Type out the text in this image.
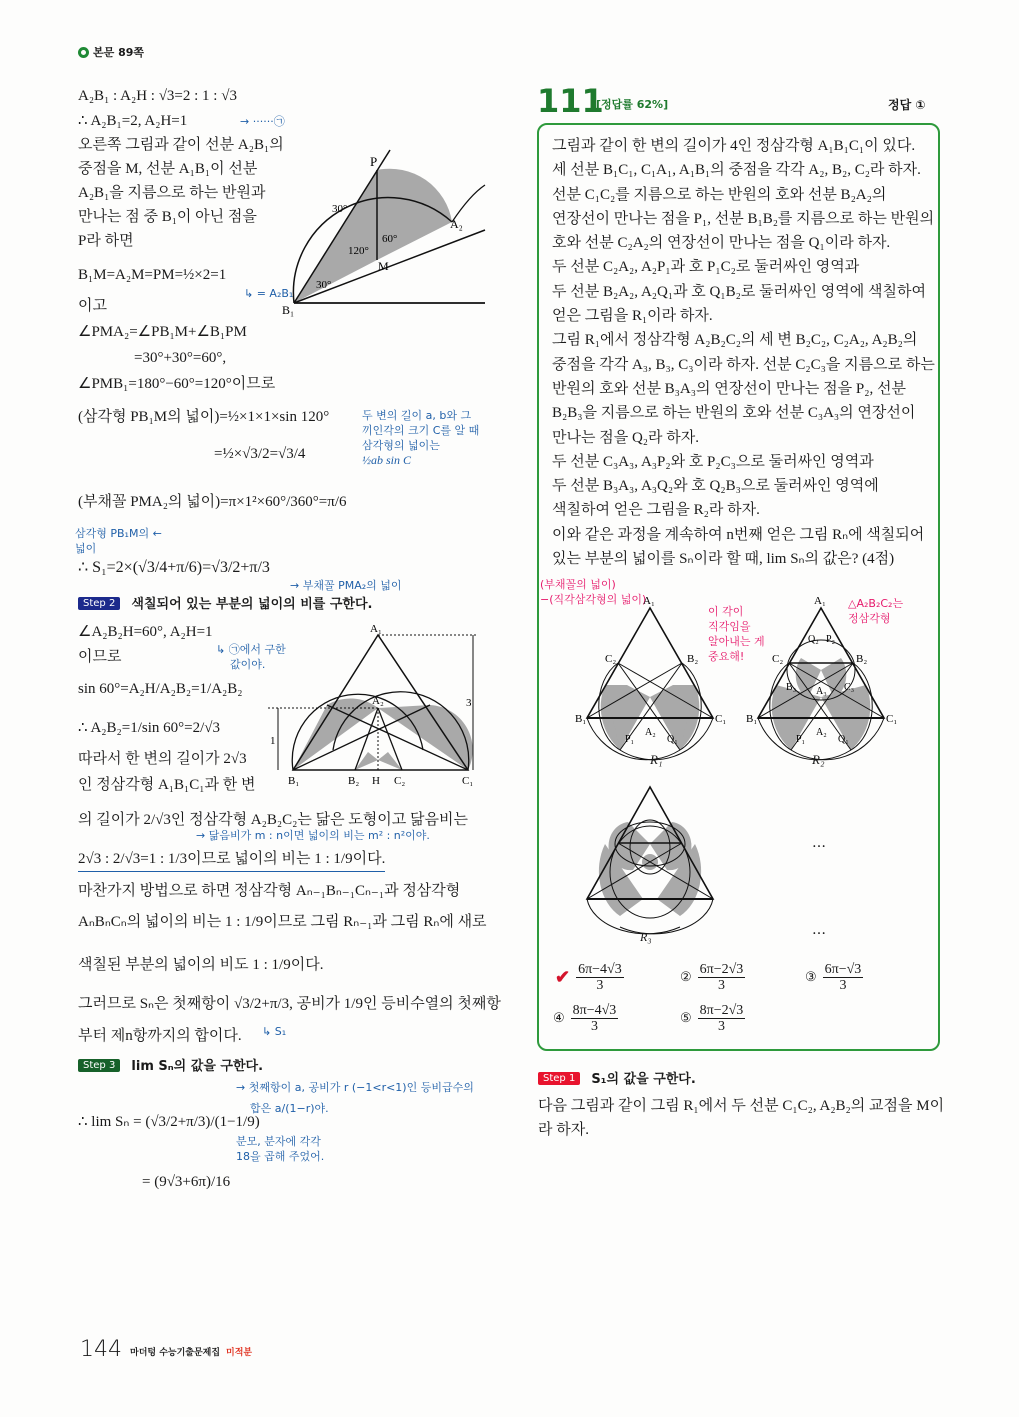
본문 89쪽
A₂B₁ : A₂H : √3=2 : 1 : √3
∴ A₂B₁=2, A₂H=1	→ ······㉠
오른쪽 그림과 같이 선분 A₂B₁의
중점을 M, 선분 A₁B₁이 선분
A₂B₁을 지름으로 하는 반원과
만나는 점 중 B₁이 아닌 점을
P라 하면
B₁M=A₂M=PM=½×2=1
↳ = A₂B₁
이고
∠PMA₂=∠PB₁M+∠B₁PM
=30°+30°=60°,
∠PMB₁=180°−60°=120°이므로
(삼각형 PB₁M의 넓이)=½×1×1×sin 120°	두 변의 길이 a, b와 그
끼인각의 크기 C를 알 때
삼각형의 넓이는
½ab sin C
=½×√3/2=√3/4
(부채꼴 PMA₂의 넓이)=π×1²×60°/360°=π/6
삼각형 PB₁M의 ←
넓이
∴ S₁=2×(√3/4+π/6)=√3/2+π/3
→ 부채꼴 PMA₂의 넓이
Step 2 색칠되어 있는 부분의 넓이의 비를 구한다.
∠A₂B₂H=60°, A₂H=1
↳ ㉠에서 구한
값이야.
이므로
sin 60°=A₂H/A₂B₂=1/A₂B₂
∴ A₂B₂=1/sin 60°=2/√3
따라서 한 변의 길이가 2√3
인 정삼각형 A₁B₁C₁과 한 변
의 길이가 2/√3인 정삼각형 A₂B₂C₂는 닮은 도형이고 닮음비는
→ 닮음비가 m : n이면 넓이의 비는 m² : n²이야.
2√3 : 2/√3=1 : 1/3이므로 넓이의 비는 1 : 1/9이다.
마찬가지 방법으로 하면 정삼각형 Aₙ₋₁Bₙ₋₁Cₙ₋₁과 정삼각형
AₙBₙCₙ의 넓이의 비는 1 : 1/9이므로 그림 Rₙ₋₁과 그림 Rₙ에 새로
색칠된 부분의 넓이의 비도 1 : 1/9이다.
그러므로 Sₙ은 첫째항이 √3/2+π/3, 공비가 1/9인 등비수열의 첫째항
부터 제n항까지의 합이다. ↳ S₁
Step 3 lim Sₙ의 값을 구한다.
∴ lim Sₙ = (√3/2+π/3)/(1−1/9)
= (9√3+6π)/16
→ 첫째항이 a, 공비가 r (−1<r<1)인 등비급수의
합은 a/(1−r)야.
분모, 분자에 각각
18을 곱해 주었어.
P
M
A₂
B₁
30°
30°
120°
60°
A₁
A₂
B₁	B₂ H C₂	C₁
3
1
111
[정답률 62%]	정답 ①
그림과 같이 한 변의 길이가 4인 정삼각형 A₁B₁C₁이 있다.
세 선분 B₁C₁, C₁A₁, A₁B₁의 중점을 각각 A₂, B₂, C₂라 하자.
선분 C₁C₂를 지름으로 하는 반원의 호와 선분 B₂A₂의
연장선이 만나는 점을 P₁, 선분 B₁B₂를 지름으로 하는 반원의
호와 선분 C₂A₂의 연장선이 만나는 점을 Q₁이라 하자.
두 선분 C₂A₂, A₂P₁과 호 P₁C₂로 둘러싸인 영역과
두 선분 B₂A₂, A₂Q₁과 호 Q₁B₂로 둘러싸인 영역에 색칠하여
얻은 그림을 R₁이라 하자.
그림 R₁에서 정삼각형 A₂B₂C₂의 세 변 B₂C₂, C₂A₂, A₂B₂의
중점을 각각 A₃, B₃, C₃이라 하자. 선분 C₂C₃을 지름으로 하는
반원의 호와 선분 B₃A₃의 연장선이 만나는 점을 P₂, 선분
B₂B₃을 지름으로 하는 반원의 호와 선분 C₃A₃의 연장선이
만나는 점을 Q₂라 하자.
두 선분 C₃A₃, A₃P₂와 호 P₂C₃으로 둘러싸인 영역과
두 선분 B₃A₃, A₃Q₂와 호 Q₂B₃으로 둘러싸인 영역에
색칠하여 얻은 그림을 R₂라 하자.
이와 같은 과정을 계속하여 n번째 얻은 그림 Rₙ에 색칠되어
있는 부분의 넓이를 Sₙ이라 할 때, lim Sₙ의 값은? (4점)
(부채꼴의 넓이)
−(직각삼각형의 넓이)
이 각이
직각임을
알아내는 게
중요해!
△A₂B₂C₂는
정삼각형
A₁
C₂	B₂
B₁	C₁
A₂
P₁	Q₁
R₁
A₁
C₂	B₂
B₁	C₁
Q₂ P₂
B₃	C₃
A₃
A₂
P₁	Q₁
R₂
R₃
…
…
✔ $\frac{6\pi-4√3}{3}$	② $\frac{6\pi-2√3}{3}$	③ $\frac{6\pi-√3}{3}$
④ $\frac{8\pi-4√3}{3}$	⑤ $\frac{8\pi-2√3}{3}$
Step 1 S₁의 값을 구한다.
다음 그림과 같이 그림 R₁에서 두 선분 C₁C₂, A₂B₂의 교점을 M이
라 하자.
144 마더텅 수능기출문제집 미적분
